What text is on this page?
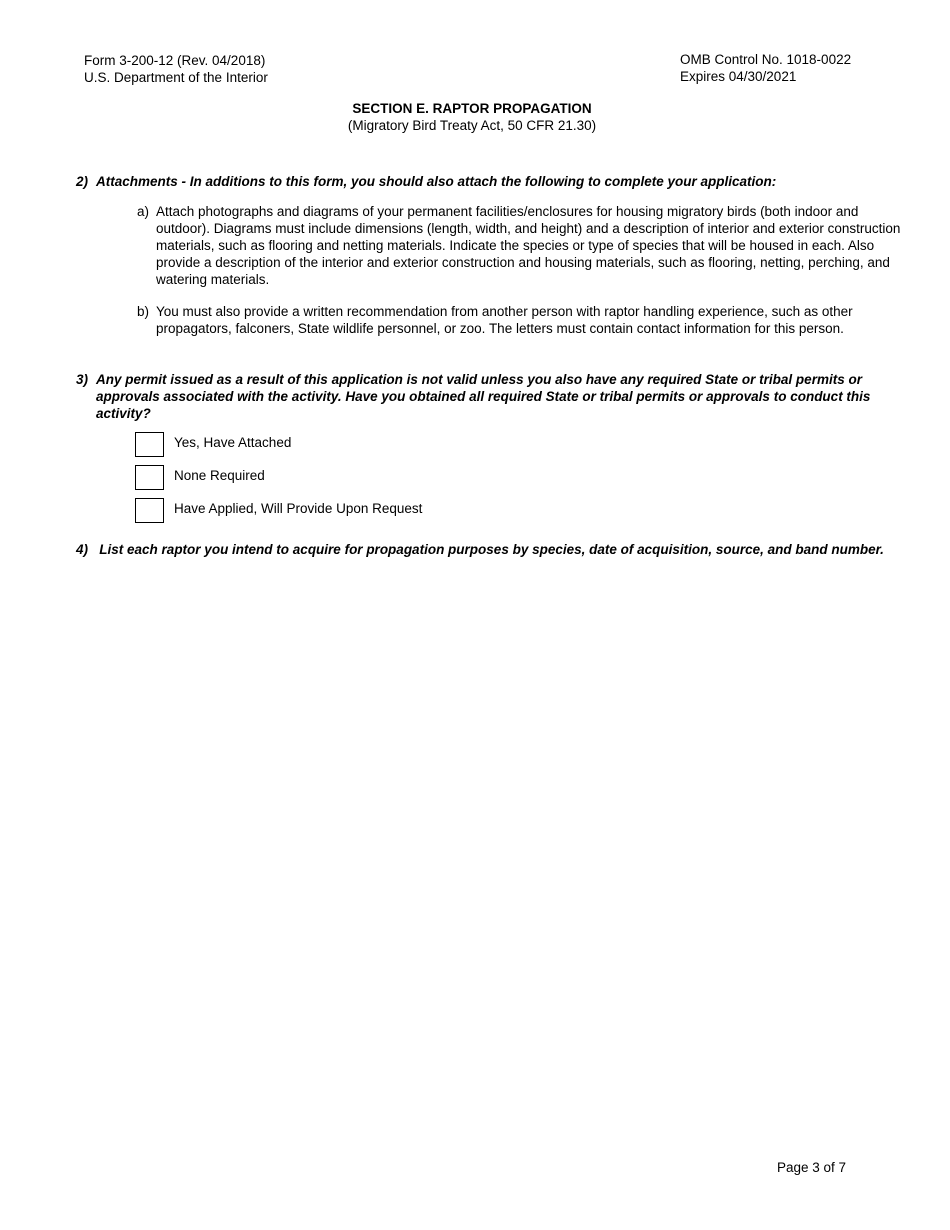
Form 3-200-12 (Rev. 04/2018)
U.S. Department of the Interior
OMB Control No. 1018-0022
Expires 04/30/2021
SECTION E. RAPTOR PROPAGATION
(Migratory Bird Treaty Act, 50 CFR 21.30)
2) Attachments - In additions to this form, you should also attach the following to complete your application:
a) Attach photographs and diagrams of your permanent facilities/enclosures for housing migratory birds (both indoor and outdoor). Diagrams must include dimensions (length, width, and height) and a description of interior and exterior construction materials, such as flooring and netting materials. Indicate the species or type of species that will be housed in each. Also provide a description of the interior and exterior construction and housing materials, such as flooring, netting, perching, and watering materials.
b) You must also provide a written recommendation from another person with raptor handling experience, such as other propagators, falconers, State wildlife personnel, or zoo. The letters must contain contact information for this person.
3) Any permit issued as a result of this application is not valid unless you also have any required State or tribal permits or approvals associated with the activity. Have you obtained all required State or tribal permits or approvals to conduct this activity?
Yes, Have Attached
None Required
Have Applied, Will Provide Upon Request
4) List each raptor you intend to acquire for propagation purposes by species, date of acquisition, source, and band number.
Page 3 of 7
